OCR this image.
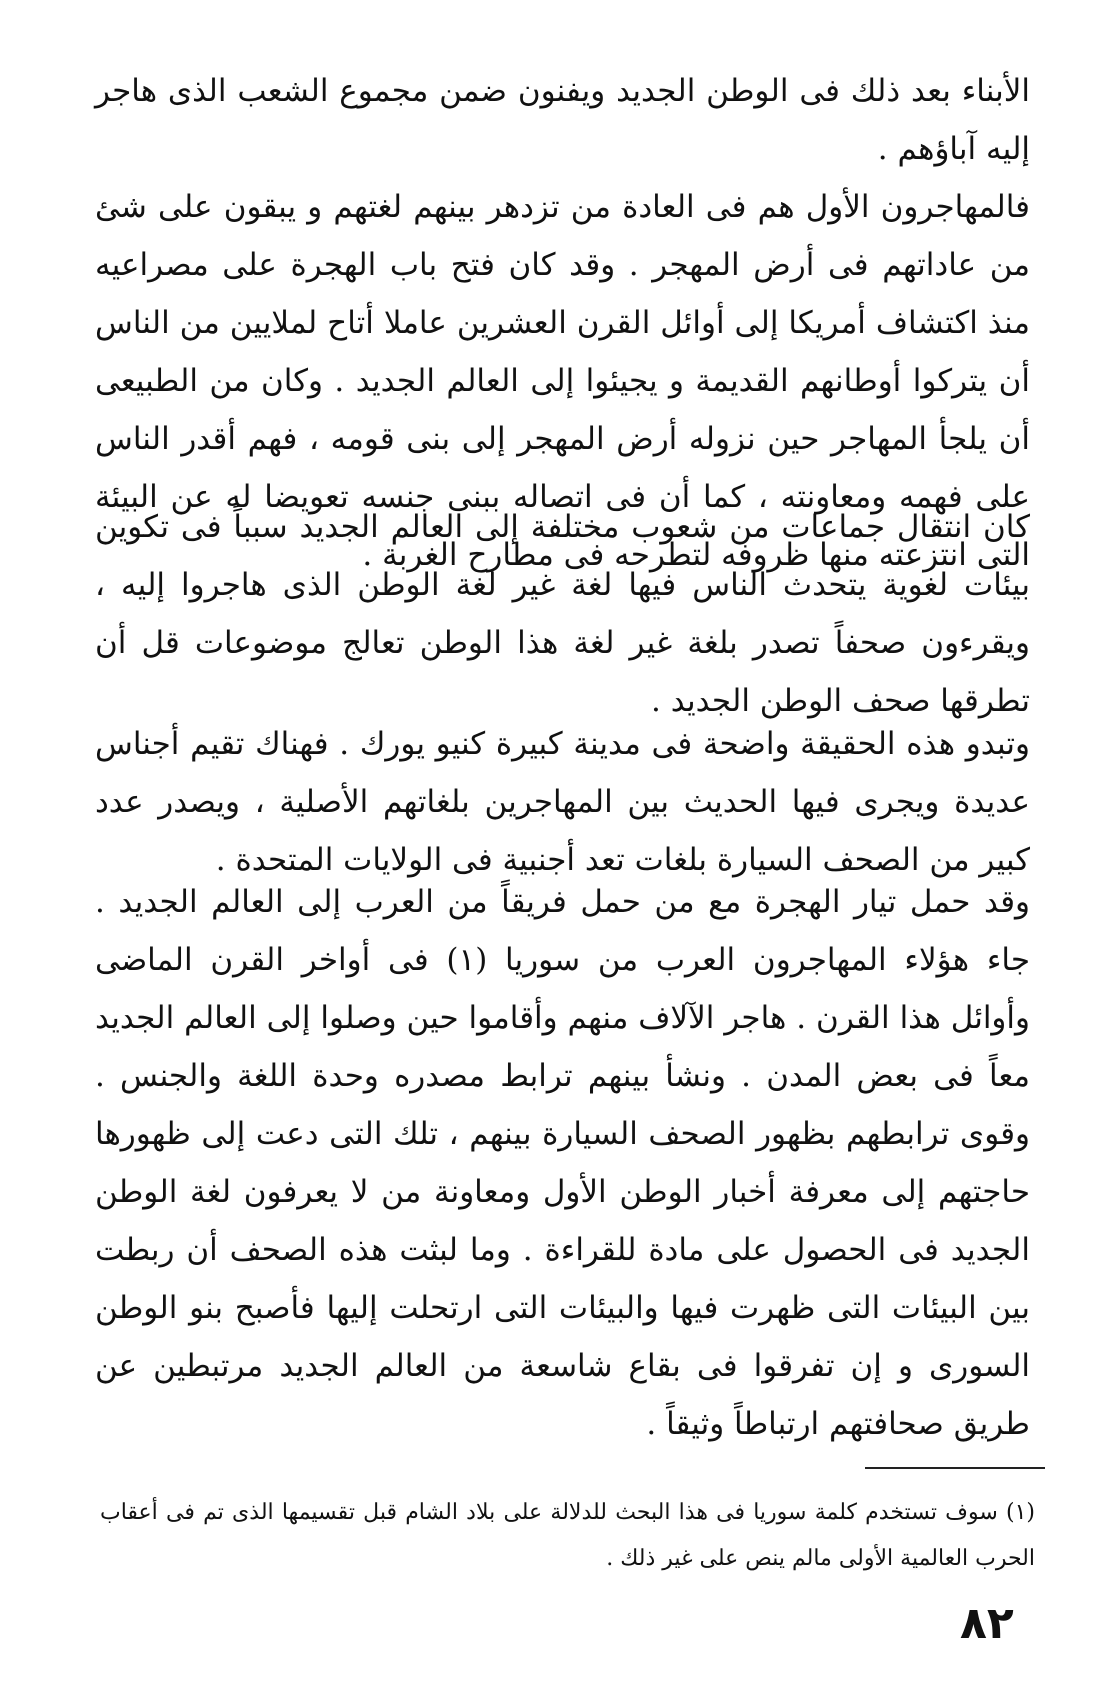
الأبناء بعد ذلك فى الوطن الجديد ويفنون ضمن مجموع الشعب الذى هاجر إليه آباؤهم .

فالمهاجرون الأول هم فى العادة من تزدهر بينهم لغتهم و يبقون على شئ من عاداتهم فى أرض المهجر . وقد كان فتح باب الهجرة على مصراعيه منذ اكتشاف أمريكا إلى أوائل القرن العشرين عاملا أتاح لملايين من الناس أن يتركوا أوطانهم القديمة و يجيئوا إلى العالم الجديد . وكان من الطبيعى أن يلجأ المهاجر حين نزوله أرض المهجر إلى بنى قومه ، فهم أقدر الناس على فهمه ومعاونته ، كما أن فى اتصاله ببنى جنسه تعويضا له عن البيئة التى انتزعته منها ظروفه لتطرحه فى مطارح الغربة .

كان انتقال جماعات من شعوب مختلفة إلى العالم الجديد سبباً فى تكوين بيئات لغوية يتحدث الناس فيها لغة غير لغة الوطن الذى هاجروا إليه ، ويقرءون صحفاً تصدر بلغة غير لغة هذا الوطن تعالج موضوعات قل أن تطرقها صحف الوطن الجديد .

وتبدو هذه الحقيقة واضحة فى مدينة كبيرة كنيو يورك . فهناك تقيم أجناس عديدة ويجرى فيها الحديث بين المهاجرين بلغاتهم الأصلية ، ويصدر عدد كبير من الصحف السيارة بلغات تعد أجنبية فى الولايات المتحدة .

وقد حمل تيار الهجرة مع من حمل فريقاً من العرب إلى العالم الجديد . جاء هؤلاء المهاجرون العرب من سوريا (١) فى أواخر القرن الماضى وأوائل هذا القرن . هاجر الآلاف منهم وأقاموا حين وصلوا إلى العالم الجديد معاً فى بعض المدن . ونشأ بينهم ترابط مصدره وحدة اللغة والجنس . وقوى ترابطهم بظهور الصحف السيارة بينهم ، تلك التى دعت إلى ظهورها حاجتهم إلى معرفة أخبار الوطن الأول ومعاونة من لا يعرفون لغة الوطن الجديد فى الحصول على مادة للقراءة . وما لبثت هذه الصحف أن ربطت بين البيئات التى ظهرت فيها والبيئات التى ارتحلت إليها فأصبح بنو الوطن السورى و إن تفرقوا فى بقاع شاسعة من العالم الجديد مرتبطين عن طريق صحافتهم ارتباطاً وثيقاً .

(١) سوف تستخدم كلمة سوريا فى هذا البحث للدلالة على بلاد الشام قبل تقسيمها الذى تم فى أعقاب الحرب العالمية الأولى مالم ينص على غير ذلك .

٨٢
